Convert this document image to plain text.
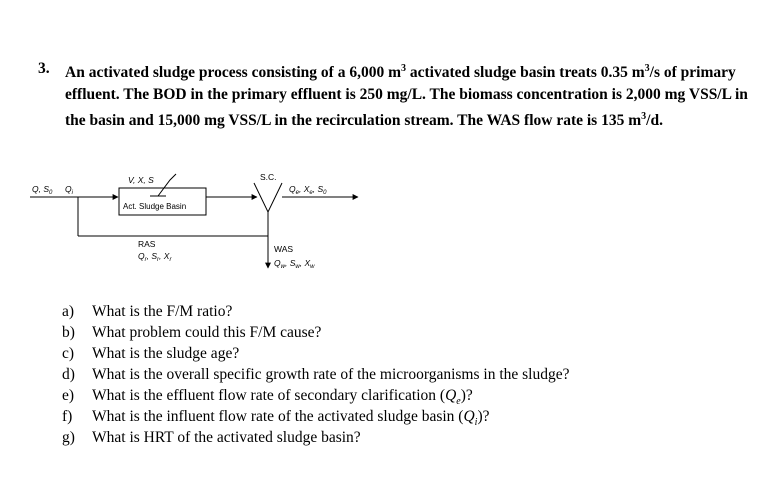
3. An activated sludge process consisting of a 6,000 $m^3$ activated sludge basin treats 0.35 $m^3/s$ of primary effluent. The BOD in the primary effluent is 250 mg/L. The biomass concentration is 2,000 mg VSS/L in the basin and 15,000 mg VSS/L in the recirculation stream. The WAS flow rate is 135 $m^3/d$.
Q, $S_0$ $Q_i$
V, X, S
Act. Sludge Basin
S.C.
$Q_e$, $X_e$, $S_0$
RAS
$Q_r$, $S_r$, $X_r$
WAS
$Q_w$, $S_w$, $X_w$
a) What is the F/M ratio?
b) What problem could this F/M cause?
c) What is the sludge age?
d) What is the overall specific growth rate of the microorganisms in the sludge?
e) What is the effluent flow rate of secondary clarification $(Q_e)$?
f) What is the influent flow rate of the activated sludge basin $(Q_i)$?
g) What is HRT of the activated sludge basin?
